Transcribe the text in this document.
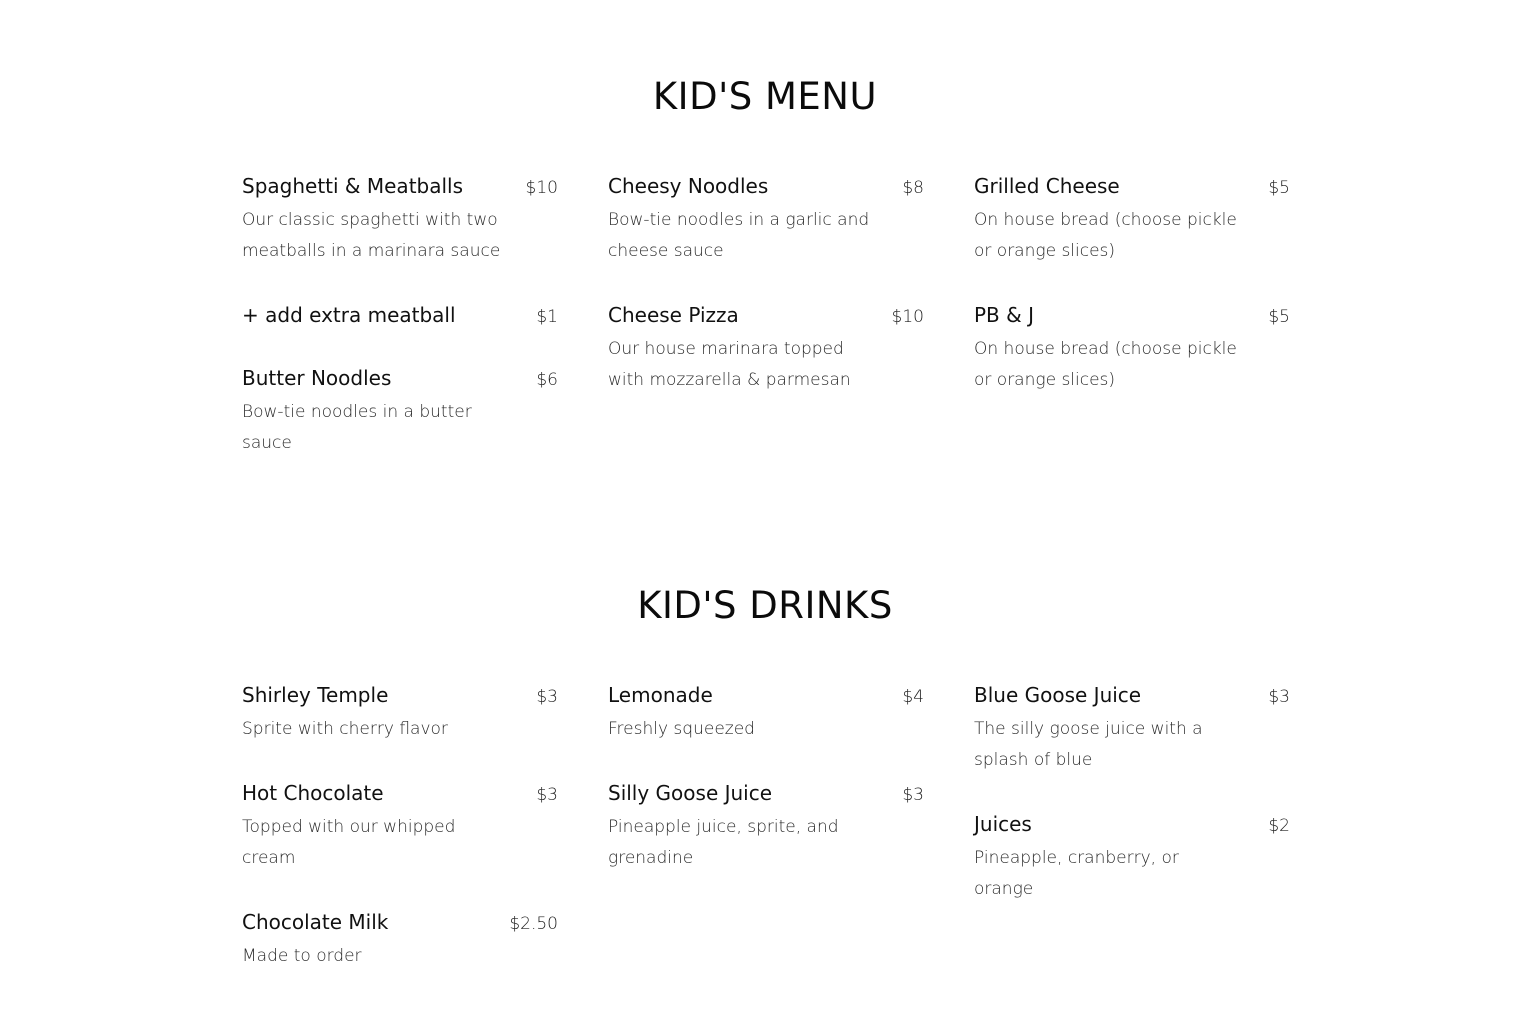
KID'S MENU
Spaghetti & Meatballs	$10
Our classic spaghetti with two meatballs in a marinara sauce
+ add extra meatball	$1
Butter Noodles	$6
Bow-tie noodles in a butter sauce
Cheesy Noodles	$8
Bow-tie noodles in a garlic and cheese sauce
Cheese Pizza	$10
Our house marinara topped with mozzarella & parmesan
Grilled Cheese	$5
On house bread (choose pickle or orange slices)
PB & J	$5
On house bread (choose pickle or orange slices)
KID'S DRINKS
Shirley Temple	$3
Sprite with cherry flavor
Hot Chocolate	$3
Topped with our whipped cream
Chocolate Milk	$2.50
Made to order
Lemonade	$4
Freshly squeezed
Silly Goose Juice	$3
Pineapple juice, sprite, and grenadine
Blue Goose Juice	$3
The silly goose juice with a splash of blue
Juices	$2
Pineapple, cranberry, or orange
